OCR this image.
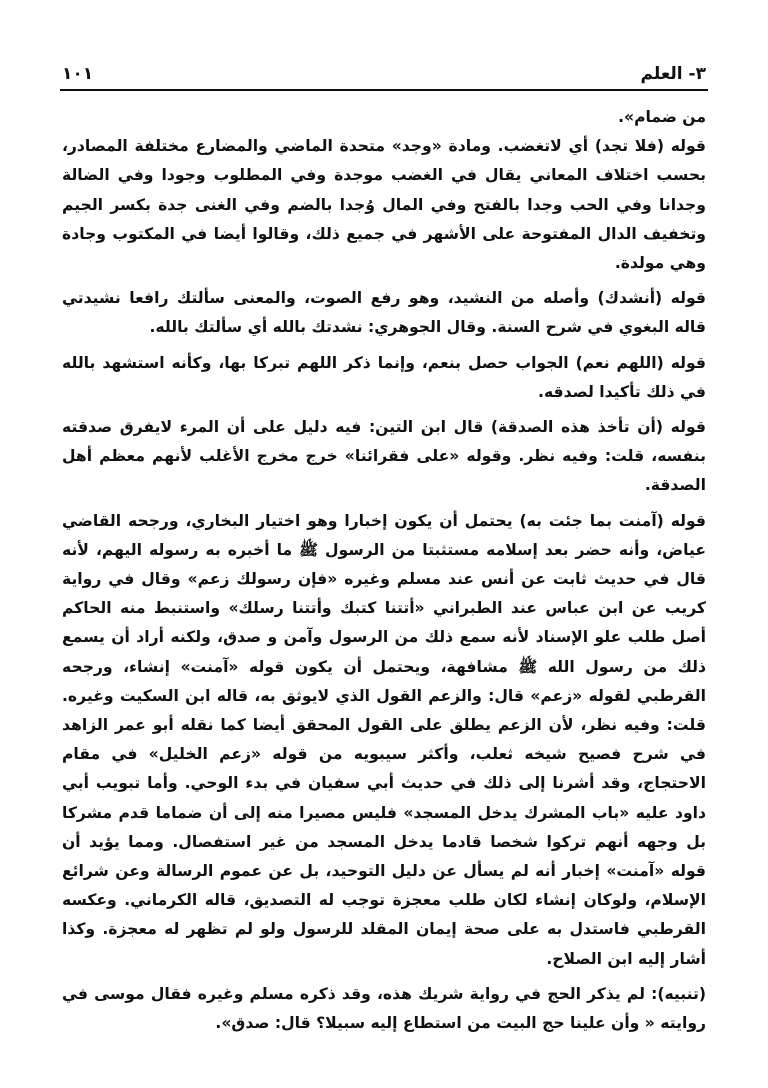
٣- العلم
١٠١

من ضمام».

قوله (فلا تجد) أي لاتغضب. ومادة «وجد» متحدة الماضي والمضارع مختلفة المصادر، بحسب اختلاف المعاني يقال في الغضب موجدة وفي المطلوب وجودا وفي الضالة وجدانا وفي الحب وجدا بالفتح وفي المال وُجدا بالضم وفي الغنى جدة بكسر الجيم وتخفيف الدال المفتوحة على الأشهر في جميع ذلك، وقالوا أيضا في المكتوب وجادة وهي مولدة.

قوله (أنشدك) وأصله من النشيد، وهو رفع الصوت، والمعنى سألتك رافعا نشيدتي قاله البغوي في شرح السنة. وقال الجوهري: نشدتك بالله أي سألتك بالله.

قوله (اللهم نعم) الجواب حصل بنعم، وإنما ذكر اللهم تبركا بها، وكأنه استشهد بالله في ذلك تأكيدا لصدقه.

قوله (أن تأخذ هذه الصدقة) قال ابن التين: فيه دليل على أن المرء لايفرق صدقته بنفسه، قلت: وفيه نظر. وقوله «على فقرائنا» خرج مخرج الأغلب لأنهم معظم أهل الصدقة.

قوله (آمنت بما جئت به) يحتمل أن يكون إخبارا وهو اختيار البخاري، ورجحه القاضي عياض، وأنه حضر بعد إسلامه مستثبتا من الرسول ﷺ ما أخبره به رسوله اليهم، لأنه قال في حديث ثابت عن أنس عند مسلم وغيره «فإن رسولك زعم» وقال في رواية كريب عن ابن عباس عند الطبراني «أتتنا كتبك وأتتنا رسلك» واستنبط منه الحاكم أصل طلب علو الإسناد لأنه سمع ذلك من الرسول وآمن و صدق، ولكنه أراد أن يسمع ذلك من رسول الله ﷺ مشافهة، ويحتمل أن يكون قوله «آمنت» إنشاء، ورجحه القرطبي لقوله «زعم» قال: والزعم القول الذي لايوثق به، قاله ابن السكيت وغيره. قلت: وفيه نظر، لأن الزعم يطلق على القول المحقق أيضا كما نقله أبو عمر الزاهد في شرح فصيح شيخه ثعلب، وأكثر سيبويه من قوله «زعم الخليل» في مقام الاحتجاج، وقد أشرنا إلى ذلك في حديث أبي سفيان في بدء الوحي. وأما تبويب أبي داود عليه «باب المشرك يدخل المسجد» فليس مصيرا منه إلى أن ضماما قدم مشركا بل وجهه أنهم تركوا شخصا قادما يدخل المسجد من غير استفصال. ومما يؤيد أن قوله «آمنت» إخبار أنه لم يسأل عن دليل التوحيد، بل عن عموم الرسالة وعن شرائع الإسلام، ولوكان إنشاء لكان طلب معجزة توجب له التصديق، قاله الكرماني. وعكسه القرطبي فاستدل به على صحة إيمان المقلد للرسول ولو لم تظهر له معجزة. وكذا أشار إليه ابن الصلاح.

(تنبيه): لم يذكر الحج في رواية شريك هذه، وقد ذكره مسلم وغيره فقال موسى في روايته « وأن علينا حج البيت من استطاع إليه سبيلا؟ قال: صدق».
